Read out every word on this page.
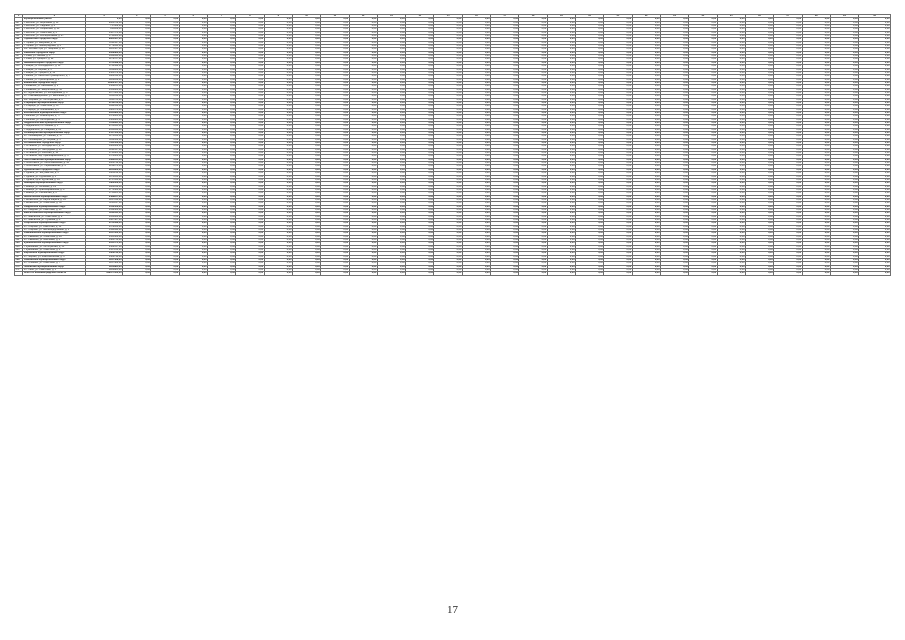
1	2	3	4	5	6	7	8	9	10	11	12	13	14	15	16	17	18	19	20	21	22	23	24	25	26	27	28	29	30
	Муниципальный район	0,00	0,00	0,00	0,00	0,00	0,00	0,00	0,00	0,00	0,00	0,00	0,00	0,00	0,00	0,00	0,00	0,00	0,00	0,00	0,00	0,00	0,00	0,00	0,00	0,00	0,00	0,00	0,00
497	г. Бологое, ул. Берёзовая, д. 11	2061729,00	0,00	0,00	1,00	0,00	0,00	0,00	0,00	0,00	0,00	0,00	0,00	0,00	0,00	0,00	0,00	0,00	0,00	0,00	0,00	0,00	0,00	0,00	0,00	0,00	0,00	0,00	0,00
498	г. Бологое, ул. Садовая, д. 8	717002,00	0,00	0,00	1,00	0,00	0,00	0,00	0,00	0,00	0,00	0,00	0,00	0,00	0,00	0,00	0,00	0,00	0,00	0,00	0,00	0,00	0,00	0,00	0,00	0,00	0,00	0,00	0,00
499	г. Бологое, ул. Софийская, д. 44	851108,00	0,00	0,00	1,00	0,00	0,00	0,00	0,00	0,00	0,00	0,00	0,00	0,00	0,00	0,00	0,00	0,00	0,00	0,00	0,00	0,00	0,00	0,00	0,00	0,00	0,00	0,00	0,00
500	г. Бологое, ул. Советская, д. 3	3567573,00	0,00	0,00	1,00	0,00	0,00	0,00	0,00	0,00	0,00	0,00	0,00	0,00	0,00	0,00	0,00	0,00	0,00	0,00	0,00	0,00	0,00	0,00	0,00	0,00	0,00	0,00	0,00
501	г. Бологое, ул. Кооперативная, д. 27	1793863,00	0,00	0,00	1,00	0,00	0,00	0,00	0,00	0,00	0,00	0,00	0,00	0,00	0,00	0,00	0,00	0,00	0,00	0,00	0,00	0,00	0,00	0,00	0,00	0,00	0,00	0,00	0,00
502	Торжокский городской округ	9831067,00	0,00	0,00	0,00	0,00	0,00	0,00	0,00	0,00	0,00	0,00	0,00	0,00	0,00	0,00	0,00	0,00	0,00	0,00	0,00	0,00	0,00	0,00	0,00	0,00	0,00	0,00	0,00
503	г. Торжок, ул. Бакунина, д. 10	1611497,00	0,00	0,00	1,00	0,00	0,00	0,00	0,00	0,00	0,00	0,00	0,00	0,00	0,00	0,00	0,00	0,00	0,00	0,00	0,00	0,00	0,00	0,00	0,00	0,00	0,00	0,00	0,00
504	г. Торжок, ул. Ленинградская, д. 5	1778091,00	0,00	0,00	1,00	0,00	0,00	0,00	0,00	0,00	0,00	0,00	0,00	0,00	0,00	0,00	0,00	0,00	0,00	0,00	0,00	0,00	0,00	0,00	0,00	0,00	0,00	0,00	0,00
505	пос. Кесова Гора, ул. Гагарина, д. 21	1225527,00	0,00	0,00	1,00	0,00	0,00	0,00	0,00	0,00	0,00	0,00	0,00	0,00	0,00	0,00	0,00	0,00	0,00	0,00	0,00	0,00	0,00	0,00	0,00	0,00	0,00	0,00	0,00
506	Ржевский городской округ	3038383,00	0,00	0,00	0,00	0,00	0,00	0,00	0,00	0,00	0,00	0,00	0,00	0,00	0,00	0,00	0,00	0,00	0,00	0,00	0,00	0,00	0,00	0,00	0,00	0,00	0,00	0,00	0,00
507	г. Ржев, ул. Ленина, д. 9	1040993,00	0,00	0,00	1,00	0,00	0,00	0,00	0,00	0,00	0,00	0,00	0,00	0,00	0,00	0,00	0,00	0,00	0,00	0,00	0,00	0,00	0,00	0,00	0,00	0,00	0,00	0,00	0,00
508	г. Ржев, ул. Урицкого, д. 82	1272787,00	0,00	0,00	1,00	0,00	0,00	0,00	0,00	0,00	0,00	0,00	0,00	0,00	0,00	0,00	0,00	0,00	0,00	0,00	0,00	0,00	0,00	0,00	0,00	0,00	0,00	0,00	0,00
509	Вышневолоцкий городской округ	1761699,00	0,00	0,00	0,00	0,00	0,00	0,00	0,00	0,00	0,00	0,00	0,00	0,00	0,00	0,00	0,00	0,00	0,00	0,00	0,00	0,00	0,00	0,00	0,00	0,00	0,00	0,00	0,00
510	г. Кимры, ул. Володарского, д. 12	1740499,00	0,00	0,00	1,00	0,00	0,00	0,00	0,00	0,00	0,00	0,00	0,00	0,00	0,00	0,00	0,00	0,00	0,00	0,00	0,00	0,00	0,00	0,00	0,00	0,00	0,00	0,00	0,00
511	г. Кимры, ул. Кирова, д. 3	1140826,00	0,00	0,00	1,00	0,00	0,00	0,00	0,00	0,00	0,00	0,00	0,00	0,00	0,00	0,00	0,00	0,00	0,00	0,00	0,00	0,00	0,00	0,00	0,00	0,00	0,00	0,00	0,00
512	г. Кимры, ул. Урицкого, д. 56	2563572,00	0,00	0,00	1,00	0,00	0,00	0,00	0,00	0,00	0,00	0,00	0,00	0,00	0,00	0,00	0,00	0,00	0,00	0,00	0,00	0,00	0,00	0,00	0,00	0,00	0,00	0,00	0,00
513	г. Кашин, ул. Анатолия Луначарского, д. 7	1820314,00	0,00	0,00	1,00	0,00	0,00	0,00	0,00	0,00	0,00	0,00	0,00	0,00	0,00	0,00	0,00	0,00	0,00	0,00	0,00	0,00	0,00	0,00	0,00	0,00	0,00	0,00	0,00
514	г. Кашин, ул. Пролетарская, д. 2	1200858,00	0,00	0,00	1,00	0,00	0,00	0,00	0,00	0,00	0,00	0,00	0,00	0,00	0,00	0,00	0,00	0,00	0,00	0,00	0,00	0,00	0,00	0,00	0,00	0,00	0,00	0,00	0,00
515	Кашинский городской округ	11966457,00	0,00	0,00	0,00	0,00	0,00	0,00	0,00	0,00	0,00	0,00	0,00	0,00	0,00	0,00	0,00	0,00	0,00	0,00	0,00	0,00	0,00	0,00	0,00	0,00	0,00	0,00	0,00
516	г. Конаково, ул. Баскакова, д. 2	1562235,00	0,00	0,00	1,00	0,00	0,00	0,00	0,00	0,00	0,00	0,00	0,00	0,00	0,00	0,00	0,00	0,00	0,00	0,00	0,00	0,00	0,00	0,00	0,00	0,00	0,00	0,00	0,00
517	г. Конаково, ул. Энергетиков, д. 30	3350906,00	0,00	0,00	1,00	0,00	0,00	0,00	0,00	0,00	0,00	0,00	0,00	0,00	0,00	0,00	0,00	0,00	0,00	0,00	0,00	0,00	0,00	0,00	0,00	0,00	0,00	0,00	0,00
518	пгт. Муратовский, ул. Молодёжная, д. 8	2077920,00	0,00	0,00	1,00	0,00	0,00	0,00	0,00	0,00	0,00	0,00	0,00	0,00	0,00	0,00	0,00	0,00	0,00	0,00	0,00	0,00	0,00	0,00	0,00	0,00	0,00	0,00	0,00
519	пгт. Новозавидовский, ул. Школьная, д. 3	1143016,00	0,00	0,00	1,00	0,00	0,00	0,00	0,00	0,00	0,00	0,00	0,00	0,00	0,00	0,00	0,00	0,00	0,00	0,00	0,00	0,00	0,00	0,00	0,00	0,00	0,00	0,00	0,00
520	пос. Мирный, ул. Октябрьская, д. 8	1195703,00	0,00	0,00	1,00	0,00	0,00	0,00	0,00	0,00	0,00	0,00	0,00	0,00	0,00	0,00	0,00	0,00	0,00	0,00	0,00	0,00	0,00	0,00	0,00	0,00	0,00	0,00	0,00
521	Старицкий муниципальный округ	3793786,00	0,00	0,00	0,00	0,00	0,00	0,00	0,00	0,00	0,00	0,00	0,00	0,00	0,00	0,00	0,00	0,00	0,00	0,00	0,00	0,00	0,00	0,00	0,00	0,00	0,00	0,00	0,00
522	г. Старица, ул. Советская, д. 11	1890410,00	0,00	0,00	1,00	0,00	0,00	0,00	0,00	0,00	0,00	0,00	0,00	0,00	0,00	0,00	0,00	0,00	0,00	0,00	0,00	0,00	0,00	0,00	0,00	0,00	0,00	0,00	0,00
523	г. Старица, ул. Вокзальная, д. 3	1903376,00	0,00	0,00	1,00	0,00	0,00	0,00	0,00	0,00	0,00	0,00	0,00	0,00	0,00	0,00	0,00	0,00	0,00	0,00	0,00	0,00	0,00	0,00	0,00	0,00	0,00	0,00	0,00
524	Калязинский муниципальный округ	2845986,00	0,00	0,00	0,00	0,00	0,00	0,00	0,00	0,00	0,00	0,00	0,00	0,00	0,00	0,00	0,00	0,00	0,00	0,00	0,00	0,00	0,00	0,00	0,00	0,00	0,00	0,00	0,00
525	г. Калязин, ул. Коминтерна, д. 77	1479063,00	0,00	0,00	1,00	0,00	0,00	0,00	0,00	0,00	0,00	0,00	0,00	0,00	0,00	0,00	0,00	0,00	0,00	0,00	0,00	0,00	0,00	0,00	0,00	0,00	0,00	0,00	0,00
526	г. Калязин, ул. Октябрьская, д. 9	1366923,00	0,00	0,00	1,00	0,00	0,00	0,00	0,00	0,00	0,00	0,00	0,00	0,00	0,00	0,00	0,00	0,00	0,00	0,00	0,00	0,00	0,00	0,00	0,00	0,00	0,00	0,00	0,00
527	Андреапольский муниципальный округ	5616891,00	0,00	0,00	0,00	0,00	0,00	0,00	0,00	0,00	0,00	0,00	0,00	0,00	0,00	0,00	0,00	0,00	0,00	0,00	0,00	0,00	0,00	0,00	0,00	0,00	0,00	0,00	0,00
528	г. Андреаполь, пл. Ленина, д. 3	2703045,00	0,00	0,00	1,00	0,00	0,00	0,00	0,00	0,00	0,00	0,00	0,00	0,00	0,00	0,00	0,00	0,00	0,00	0,00	0,00	0,00	0,00	0,00	0,00	0,00	0,00	0,00	0,00
529	г. Андреаполь, ул. Гагарина, д. 21	2913846,00	0,00	0,00	1,00	0,00	0,00	0,00	0,00	0,00	0,00	0,00	0,00	0,00	0,00	0,00	0,00	0,00	0,00	0,00	0,00	0,00	0,00	0,00	0,00	0,00	0,00	0,00	0,00
530	Селижаровский муниципальный округ	2417506,00	0,00	0,00	0,00	0,00	0,00	0,00	0,00	0,00	0,00	0,00	0,00	0,00	0,00	0,00	0,00	0,00	0,00	0,00	0,00	0,00	0,00	0,00	0,00	0,00	0,00	0,00	0,00
531	пгт. Селижарово, ул. Ленина, д. 17	1271054,00	0,00	0,00	1,00	0,00	0,00	0,00	0,00	0,00	0,00	0,00	0,00	0,00	0,00	0,00	0,00	0,00	0,00	0,00	0,00	0,00	0,00	0,00	0,00	0,00	0,00	0,00	0,00
532	пгт. Селижарово, ул. Кирова, д. 5	1146452,00	0,00	0,00	1,00	0,00	0,00	0,00	0,00	0,00	0,00	0,00	0,00	0,00	0,00	0,00	0,00	0,00	0,00	0,00	0,00	0,00	0,00	0,00	0,00	0,00	0,00	0,00	0,00
533	Осташковский городской округ	7341506,00	0,00	0,00	0,00	0,00	0,00	0,00	0,00	0,00	0,00	0,00	0,00	0,00	0,00	0,00	0,00	0,00	0,00	0,00	0,00	0,00	0,00	0,00	0,00	0,00	0,00	0,00	0,00
534	г. Осташков, ул. Володарского, д. 41	1961002,00	0,00	0,00	1,00	0,00	0,00	0,00	0,00	0,00	0,00	0,00	0,00	0,00	0,00	0,00	0,00	0,00	0,00	0,00	0,00	0,00	0,00	0,00	0,00	0,00	0,00	0,00	0,00
535	г. Осташков, ул. Загородная, д. 26	2011417,00	0,00	0,00	1,00	0,00	0,00	0,00	0,00	0,00	0,00	0,00	0,00	0,00	0,00	0,00	0,00	0,00	0,00	0,00	0,00	0,00	0,00	0,00	0,00	0,00	0,00	0,00	0,00
536	г. Осташков, ул. Рабочая, д. 14	1795081,00	0,00	0,00	1,00	0,00	0,00	0,00	0,00	0,00	0,00	0,00	0,00	0,00	0,00	0,00	0,00	0,00	0,00	0,00	0,00	0,00	0,00	0,00	0,00	0,00	0,00	0,00	0,00
537	г. Осташков, пер. Красноармейский, д. 9	1574006,00	0,00	0,00	1,00	0,00	0,00	0,00	0,00	0,00	0,00	0,00	0,00	0,00	0,00	0,00	0,00	0,00	0,00	0,00	0,00	0,00	0,00	0,00	0,00	0,00	0,00	0,00	0,00
538	Лихославльский муниципальный округ	4392815,00	0,00	0,00	0,00	0,00	0,00	0,00	0,00	0,00	0,00	0,00	0,00	0,00	0,00	0,00	0,00	0,00	0,00	0,00	0,00	0,00	0,00	0,00	0,00	0,00	0,00	0,00	0,00
539	г. Лихославль, ул. Лихославльская, д. 32	2180742,00	0,00	0,00	1,00	0,00	0,00	0,00	0,00	0,00	0,00	0,00	0,00	0,00	0,00	0,00	0,00	0,00	0,00	0,00	0,00	0,00	0,00	0,00	0,00	0,00	0,00	0,00	0,00
540	г. Лихославль, ул. Первомайская, д. 4	2212073,00	0,00	0,00	1,00	0,00	0,00	0,00	0,00	0,00	0,00	0,00	0,00	0,00	0,00	0,00	0,00	0,00	0,00	0,00	0,00	0,00	0,00	0,00	0,00	0,00	0,00	0,00	0,00
541	Удомельский городской округ	6235920,00	0,00	0,00	0,00	0,00	0,00	0,00	0,00	0,00	0,00	0,00	0,00	0,00	0,00	0,00	0,00	0,00	0,00	0,00	0,00	0,00	0,00	0,00	0,00	0,00	0,00	0,00	0,00
542	г. Удомля, ул. Энтузиастов, д. 3	1605212,00	0,00	0,00	1,00	0,00	0,00	0,00	0,00	0,00	0,00	0,00	0,00	0,00	0,00	0,00	0,00	0,00	0,00	0,00	0,00	0,00	0,00	0,00	0,00	0,00	0,00	0,00	0,00
543	г. Удомля, ул. Курчатова, д. 5	1873055,00	0,00	0,00	1,00	0,00	0,00	0,00	0,00	0,00	0,00	0,00	0,00	0,00	0,00	0,00	0,00	0,00	0,00	0,00	0,00	0,00	0,00	0,00	0,00	0,00	0,00	0,00	0,00
544	г. Удомля, пр-кт Курчатова, д. 12	2757653,00	0,00	0,00	1,00	0,00	0,00	0,00	0,00	0,00	0,00	0,00	0,00	0,00	0,00	0,00	0,00	0,00	0,00	0,00	0,00	0,00	0,00	0,00	0,00	0,00	0,00	0,00	0,00
545	Бежецкий муниципальный округ	5382608,00	0,00	0,00	0,00	0,00	0,00	0,00	0,00	0,00	0,00	0,00	0,00	0,00	0,00	0,00	0,00	0,00	0,00	0,00	0,00	0,00	0,00	0,00	0,00	0,00	0,00	0,00	0,00
546	г. Бежецк, ул. Большая, д. 29	1866019,00	0,00	0,00	1,00	0,00	0,00	0,00	0,00	0,00	0,00	0,00	0,00	0,00	0,00	0,00	0,00	0,00	0,00	0,00	0,00	0,00	0,00	0,00	0,00	0,00	0,00	0,00	0,00
547	г. Бежецк, ул. Красноармейская, д. 6	1771304,00	0,00	0,00	1,00	0,00	0,00	0,00	0,00	0,00	0,00	0,00	0,00	0,00	0,00	0,00	0,00	0,00	0,00	0,00	0,00	0,00	0,00	0,00	0,00	0,00	0,00	0,00	0,00
548	г. Бежецк, ул. Рыбинская, д. 2	1745285,00	0,00	0,00	1,00	0,00	0,00	0,00	0,00	0,00	0,00	0,00	0,00	0,00	0,00	0,00	0,00	0,00	0,00	0,00	0,00	0,00	0,00	0,00	0,00	0,00	0,00	0,00	0,00
549	Весьегонский муниципальный округ	2498207,00	0,00	0,00	0,00	0,00	0,00	0,00	0,00	0,00	0,00	0,00	0,00	0,00	0,00	0,00	0,00	0,00	0,00	0,00	0,00	0,00	0,00	0,00	0,00	0,00	0,00	0,00	0,00
550	г. Весьегонск, ул. Карла Маркса, д. 19	1247010,00	0,00	0,00	1,00	0,00	0,00	0,00	0,00	0,00	0,00	0,00	0,00	0,00	0,00	0,00	0,00	0,00	0,00	0,00	0,00	0,00	0,00	0,00	0,00	0,00	0,00	0,00	0,00
551	г. Весьегонск, ул. Советская, д. 30	1251197,00	0,00	0,00	1,00	0,00	0,00	0,00	0,00	0,00	0,00	0,00	0,00	0,00	0,00	0,00	0,00	0,00	0,00	0,00	0,00	0,00	0,00	0,00	0,00	0,00	0,00	0,00	0,00
552	Сандовский муниципальный округ	1310526,00	0,00	0,00	0,00	0,00	0,00	0,00	0,00	0,00	0,00	0,00	0,00	0,00	0,00	0,00	0,00	0,00	0,00	0,00	0,00	0,00	0,00	0,00	0,00	0,00	0,00	0,00	0,00
553	пгт. Сандово, ул. Советская, д. 15	1310526,00	0,00	0,00	1,00	0,00	0,00	0,00	0,00	0,00	0,00	0,00	0,00	0,00	0,00	0,00	0,00	0,00	0,00	0,00	0,00	0,00	0,00	0,00	0,00	0,00	0,00	0,00	0,00
554	Максатихинский муниципальный округ	3318411,00	0,00	0,00	0,00	0,00	0,00	0,00	0,00	0,00	0,00	0,00	0,00	0,00	0,00	0,00	0,00	0,00	0,00	0,00	0,00	0,00	0,00	0,00	0,00	0,00	0,00	0,00	0,00
555	пгт. Максатиха, ул. Советская, д. 8	1651004,00	0,00	0,00	1,00	0,00	0,00	0,00	0,00	0,00	0,00	0,00	0,00	0,00	0,00	0,00	0,00	0,00	0,00	0,00	0,00	0,00	0,00	0,00	0,00	0,00	0,00	0,00	0,00
556	пгт. Максатиха, ул. Пушкина, д. 2	1667407,00	0,00	0,00	1,00	0,00	0,00	0,00	0,00	0,00	0,00	0,00	0,00	0,00	0,00	0,00	0,00	0,00	0,00	0,00	0,00	0,00	0,00	0,00	0,00	0,00	0,00	0,00	0,00
557	Спировский муниципальный округ	2764098,00	0,00	0,00	0,00	0,00	0,00	0,00	0,00	0,00	0,00	0,00	0,00	0,00	0,00	0,00	0,00	0,00	0,00	0,00	0,00	0,00	0,00	0,00	0,00	0,00	0,00	0,00	0,00
558	пгт. Спирово, ул. Советская, д. 16	1372104,00	0,00	0,00	1,00	0,00	0,00	0,00	0,00	0,00	0,00	0,00	0,00	0,00	0,00	0,00	0,00	0,00	0,00	0,00	0,00	0,00	0,00	0,00	0,00	0,00	0,00	0,00	0,00
559	пгт. Спирово, ул. Железнодорожная, д. 1	1391994,00	0,00	0,00	1,00	0,00	0,00	0,00	0,00	0,00	0,00	0,00	0,00	0,00	0,00	0,00	0,00	0,00	0,00	0,00	0,00	0,00	0,00	0,00	0,00	0,00	0,00	0,00	0,00
560	Рамешковский муниципальный округ	2917062,00	0,00	0,00	0,00	0,00	0,00	0,00	0,00	0,00	0,00	0,00	0,00	0,00	0,00	0,00	0,00	0,00	0,00	0,00	0,00	0,00	0,00	0,00	0,00	0,00	0,00	0,00	0,00
561	пгт. Рамешки, ул. Советская, д. 22	1455306,00	0,00	0,00	1,00	0,00	0,00	0,00	0,00	0,00	0,00	0,00	0,00	0,00	0,00	0,00	0,00	0,00	0,00	0,00	0,00	0,00	0,00	0,00	0,00	0,00	0,00	0,00	0,00
562	пгт. Рамешки, ул. Школьная, д. 4	1461756,00	0,00	0,00	1,00	0,00	0,00	0,00	0,00	0,00	0,00	0,00	0,00	0,00	0,00	0,00	0,00	0,00	0,00	0,00	0,00	0,00	0,00	0,00	0,00	0,00	0,00	0,00	0,00
563	Кувшиновский муниципальный округ	3045571,00	0,00	0,00	0,00	0,00	0,00	0,00	0,00	0,00	0,00	0,00	0,00	0,00	0,00	0,00	0,00	0,00	0,00	0,00	0,00	0,00	0,00	0,00	0,00	0,00	0,00	0,00	0,00
564	г. Кувшиново, ул. Октябрьская, д. 15	1508317,00	0,00	0,00	1,00	0,00	0,00	0,00	0,00	0,00	0,00	0,00	0,00	0,00	0,00	0,00	0,00	0,00	0,00	0,00	0,00	0,00	0,00	0,00	0,00	0,00	0,00	0,00	0,00
565	г. Кувшиново, ул. Советская, д. 4	1537254,00	0,00	0,00	1,00	0,00	0,00	0,00	0,00	0,00	0,00	0,00	0,00	0,00	0,00	0,00	0,00	0,00	0,00	0,00	0,00	0,00	0,00	0,00	0,00	0,00	0,00	0,00	0,00
566	Фировский муниципальный округ	1326790,00	0,00	0,00	0,00	0,00	0,00	0,00	0,00	0,00	0,00	0,00	0,00	0,00	0,00	0,00	0,00	0,00	0,00	0,00	0,00	0,00	0,00	0,00	0,00	0,00	0,00	0,00	0,00
567	пгт. Фирово, ул. Комсомольская, д. 6	1326790,00	0,00	0,00	1,00	0,00	0,00	0,00	0,00	0,00	0,00	0,00	0,00	0,00	0,00	0,00	0,00	0,00	0,00	0,00	0,00	0,00	0,00	0,00	0,00	0,00	0,00	0,00	0,00
568	Оленинский муниципальный округ	1237409,00	0,00	0,00	0,00	0,00	0,00	0,00	0,00	0,00	0,00	0,00	0,00	0,00	0,00	0,00	0,00	0,00	0,00	0,00	0,00	0,00	0,00	0,00	0,00	0,00	0,00	0,00	0,00
569	пгт. Оленино, ул. Советская, д. 7	1237409,00	0,00	0,00	1,00	0,00	0,00	0,00	0,00	0,00	0,00	0,00	0,00	0,00	0,00	0,00	0,00	0,00	0,00	0,00	0,00	0,00	0,00	0,00	0,00	0,00	0,00	0,00	0,00
570	Пеновский муниципальный округ	1204885,00	0,00	0,00	0,00	0,00	0,00	0,00	0,00	0,00	0,00	0,00	0,00	0,00	0,00	0,00	0,00	0,00	0,00	0,00	0,00	0,00	0,00	0,00	0,00	0,00	0,00	0,00	0,00
571	пгт. Пено, ул. Советская, д. 5	1204885,00	0,00	0,00	1,00	0,00	0,00	0,00	0,00	0,00	0,00	0,00	0,00	0,00	0,00	0,00	0,00	0,00	0,00	0,00	0,00	0,00	0,00	0,00	0,00	0,00	0,00	0,00	0,00
	Всего по Калининградской области	189377002,00	0,00	0,00	0,00	0,00	0,00	0,00	0,00	0,00	0,00	0,00	0,00	0,00	0,00	0,00	0,00	0,00	0,00	0,00	0,00	0,00	0,00	0,00	0,00	0,00	0,00	0,00	0,00
17
